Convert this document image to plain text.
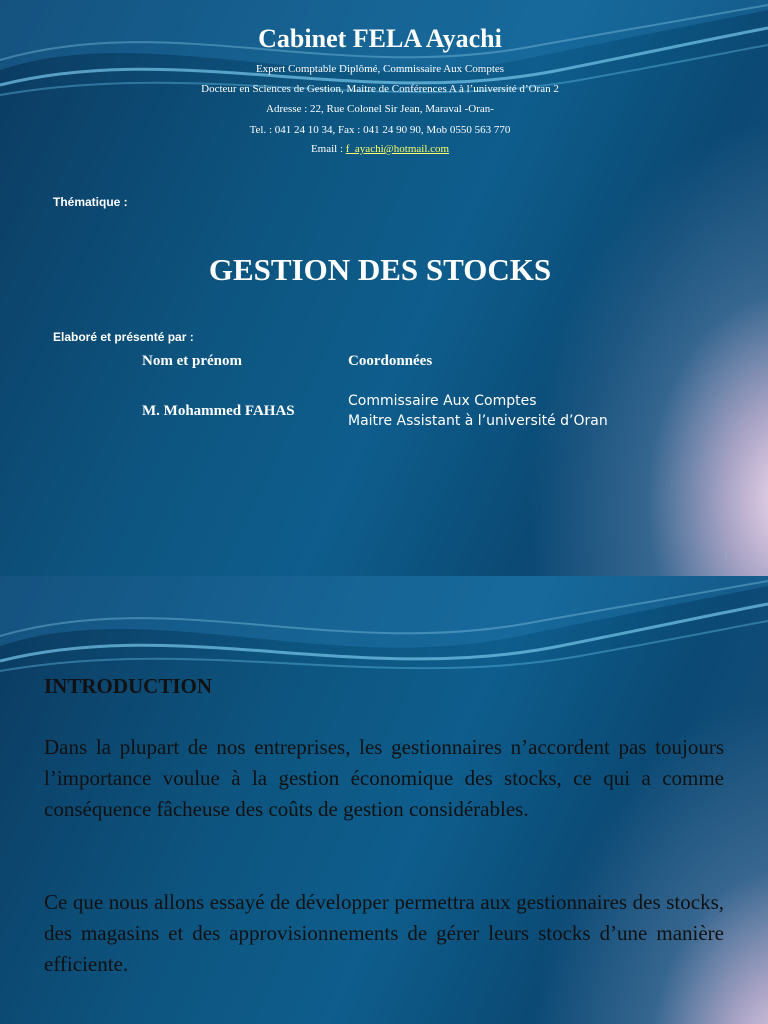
Cabinet FELA Ayachi

Expert Comptable Diplômé, Commissaire Aux Comptes

Docteur en Sciences de Gestion, Maitre de Conférences A à l’université d’Oran 2

Adresse : 22, Rue Colonel Sir Jean, Maraval -Oran-

Tel. : 041 24 10 34, Fax : 041 24 90 90, Mob 0550 563 770

Email : f_ayachi@hotmail.com

Thématique :

GESTION DES STOCKS

Elaboré et présenté par :

Nom et prénom	Coordonnées

M. Mohammed FAHAS

Commissaire Aux Comptes

Maitre Assistant à l’université d’Oran

1
INTRODUCTION

Dans la plupart de nos entreprises, les gestionnaires n’accordent pas toujours l’importance voulue à la gestion économique des stocks, ce qui a comme conséquence fâcheuse des coûts de gestion considérables.

Ce que nous allons essayé de développer permettra aux gestionnaires des stocks, des magasins et des approvisionnements de gérer leurs stocks d’une manière efficiente.
